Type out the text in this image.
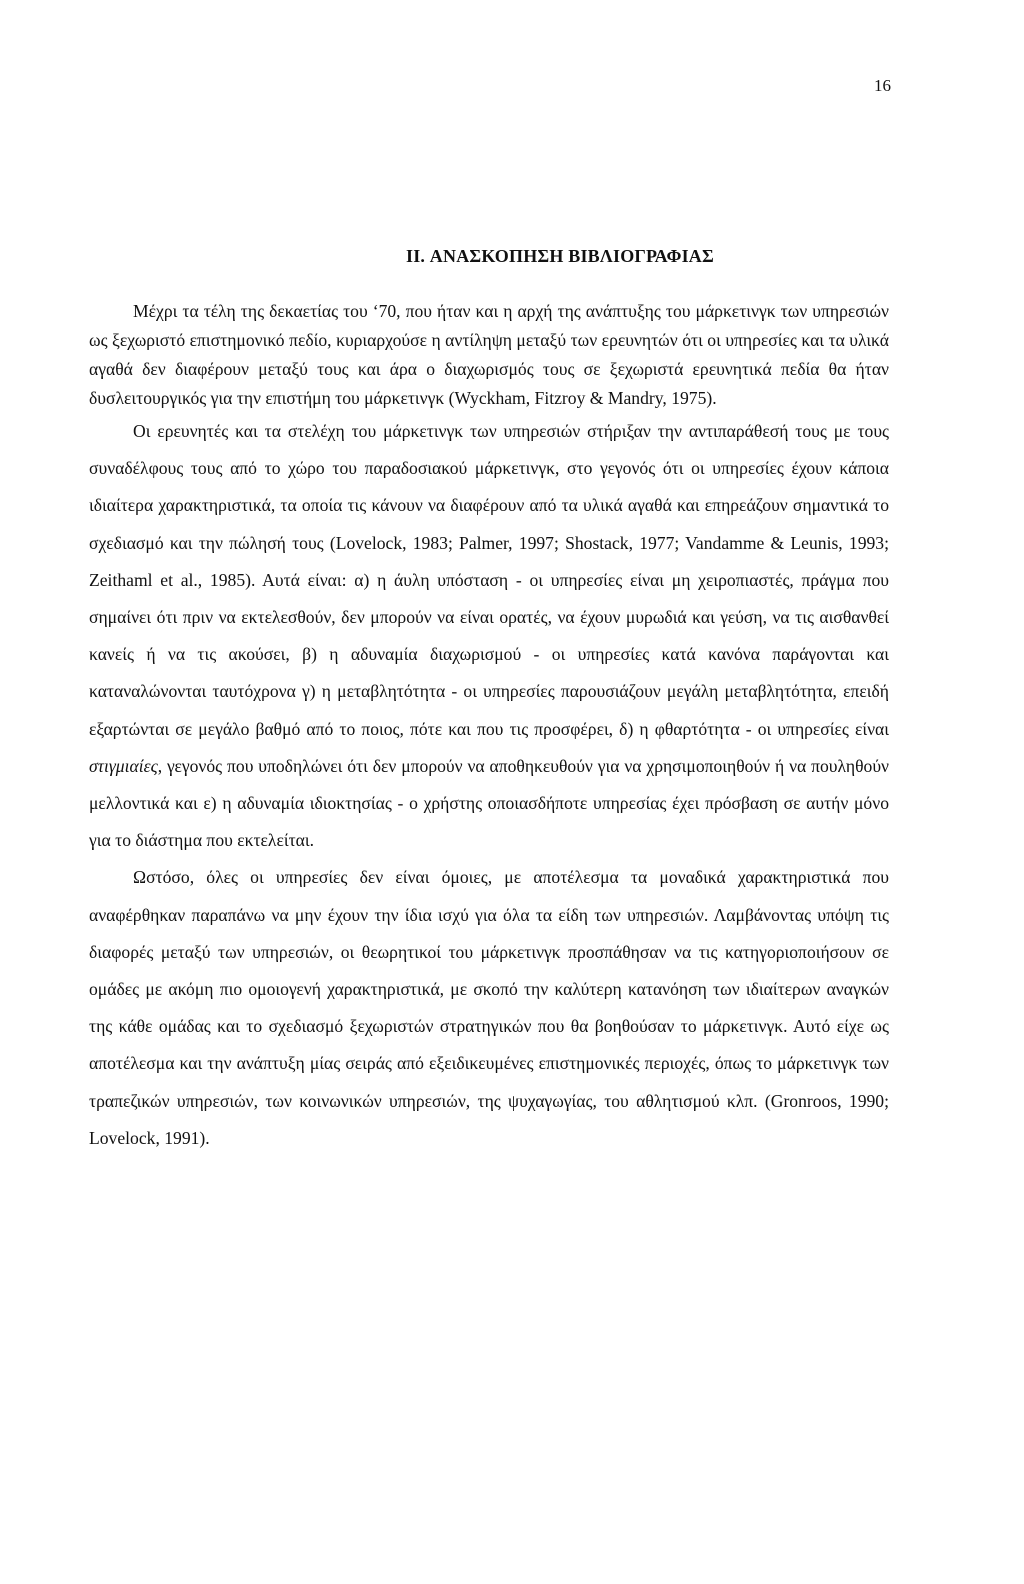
16
II. ΑΝΑΣΚΟΠΗΣΗ ΒΙΒΛΙΟΓΡΑΦΙΑΣ

Μέχρι τα τέλη της δεκαετίας του ‘70, που ήταν και η αρχή της ανάπτυξης του μάρκετινγκ των υπηρεσιών ως ξεχωριστό επιστημονικό πεδίο, κυριαρχούσε η αντίληψη μεταξύ των ερευνητών ότι οι υπηρεσίες και τα υλικά αγαθά δεν διαφέρουν μεταξύ τους και άρα ο διαχωρισμός τους σε ξεχωριστά ερευνητικά πεδία θα ήταν δυσλειτουργικός για την επιστήμη του μάρκετινγκ (Wyckham, Fitzroy & Mandry, 1975).

Οι ερευνητές και τα στελέχη του μάρκετινγκ των υπηρεσιών στήριξαν την αντιπαράθεσή τους με τους συναδέλφους τους από το χώρο του παραδοσιακού μάρκετινγκ, στο γεγονός ότι οι υπηρεσίες έχουν κάποια ιδιαίτερα χαρακτηριστικά, τα οποία τις κάνουν να διαφέρουν από τα υλικά αγαθά και επηρεάζουν σημαντικά το σχεδιασμό και την πώλησή τους (Lovelock, 1983; Palmer, 1997; Shostack, 1977; Vandamme & Leunis, 1993; Zeithaml et al., 1985). Αυτά είναι: α) η άυλη υπόσταση - οι υπηρεσίες είναι μη χειροπιαστές, πράγμα που σημαίνει ότι πριν να εκτελεσθούν, δεν μπορούν να είναι ορατές, να έχουν μυρωδιά και γεύση, να τις αισθανθεί κανείς ή να τις ακούσει, β) η αδυναμία διαχωρισμού - οι υπηρεσίες κατά κανόνα παράγονται και καταναλώνονται ταυτόχρονα γ) η μεταβλητότητα - οι υπηρεσίες παρουσιάζουν μεγάλη μεταβλητότητα, επειδή εξαρτώνται σε μεγάλο βαθμό από το ποιος, πότε και που τις προσφέρει, δ) η φθαρτότητα - οι υπηρεσίες είναι στιγμιαίες, γεγονός που υποδηλώνει ότι δεν μπορούν να αποθηκευθούν για να χρησιμοποιηθούν ή να πουληθούν μελλοντικά και ε) η αδυναμία ιδιοκτησίας - ο χρήστης οποιασδήποτε υπηρεσίας έχει πρόσβαση σε αυτήν μόνο για το διάστημα που εκτελείται.

Ωστόσο, όλες οι υπηρεσίες δεν είναι όμοιες, με αποτέλεσμα τα μοναδικά χαρακτηριστικά που αναφέρθηκαν παραπάνω να μην έχουν την ίδια ισχύ για όλα τα είδη των υπηρεσιών. Λαμβάνοντας υπόψη τις διαφορές μεταξύ των υπηρεσιών, οι θεωρητικοί του μάρκετινγκ προσπάθησαν να τις κατηγοριοποιήσουν σε ομάδες με ακόμη πιο ομοιογενή χαρακτηριστικά, με σκοπό την καλύτερη κατανόηση των ιδιαίτερων αναγκών της κάθε ομάδας και το σχεδιασμό ξεχωριστών στρατηγικών που θα βοηθούσαν το μάρκετινγκ. Αυτό είχε ως αποτέλεσμα και την ανάπτυξη μίας σειράς από εξειδικευμένες επιστημονικές περιοχές, όπως το μάρκετινγκ των τραπεζικών υπηρεσιών, των κοινωνικών υπηρεσιών, της ψυχαγωγίας, του αθλητισμού κλπ. (Gronroos, 1990; Lovelock, 1991).
